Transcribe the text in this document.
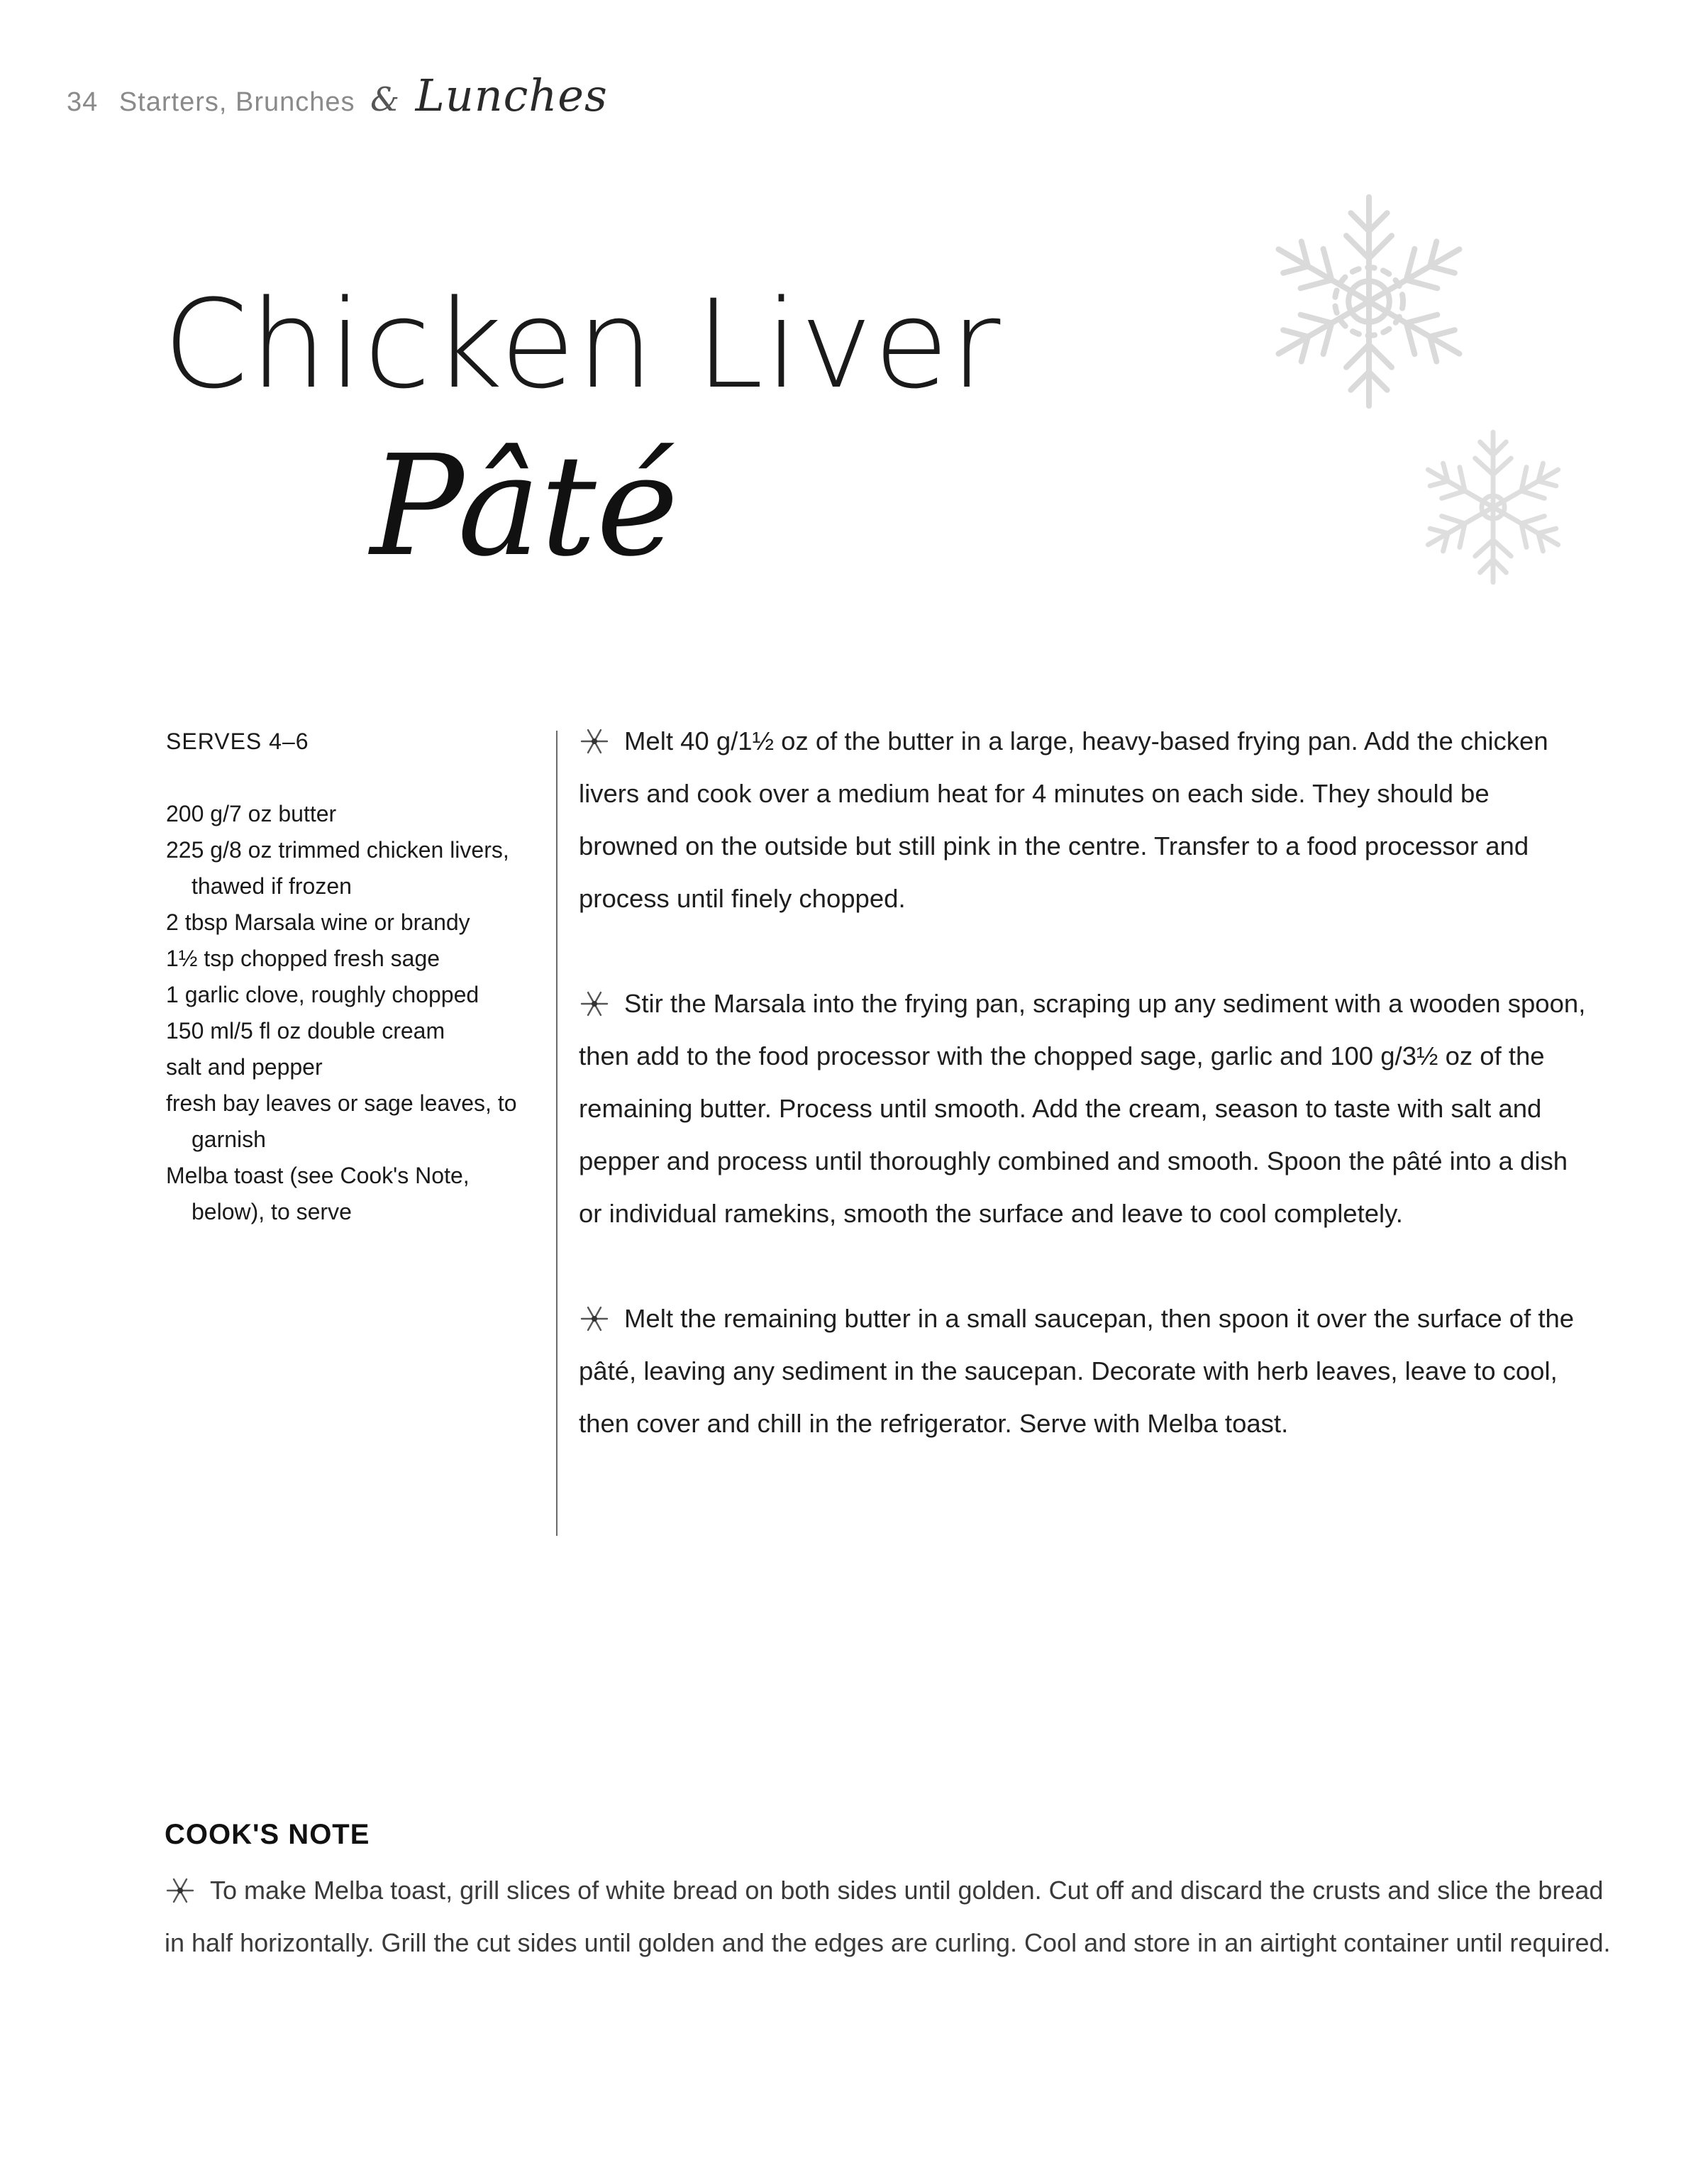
34 Starters, Brunches & Lunches
Chicken Liver
Pâté
SERVES 4–6
200 g/7 oz butter
225 g/8 oz trimmed chicken livers, thawed if frozen
2 tbsp Marsala wine or brandy
1½ tsp chopped fresh sage
1 garlic clove, roughly chopped
150 ml/5 fl oz double cream
salt and pepper
fresh bay leaves or sage leaves, to garnish
Melba toast (see Cook's Note, below), to serve

Melt 40 g/1½ oz of the butter in a large, heavy-based frying pan. Add the chicken livers and cook over a medium heat for 4 minutes on each side. They should be browned on the outside but still pink in the centre. Transfer to a food processor and process until finely chopped.

Stir the Marsala into the frying pan, scraping up any sediment with a wooden spoon, then add to the food processor with the chopped sage, garlic and 100 g/3½ oz of the remaining butter. Process until smooth. Add the cream, season to taste with salt and pepper and process until thoroughly combined and smooth. Spoon the pâté into a dish or individual ramekins, smooth the surface and leave to cool completely.

Melt the remaining butter in a small saucepan, then spoon it over the surface of the pâté, leaving any sediment in the saucepan. Decorate with herb leaves, leave to cool, then cover and chill in the refrigerator. Serve with Melba toast.

COOK'S NOTE
To make Melba toast, grill slices of white bread on both sides until golden. Cut off and discard the crusts and slice the bread in half horizontally. Grill the cut sides until golden and the edges are curling. Cool and store in an airtight container until required.
